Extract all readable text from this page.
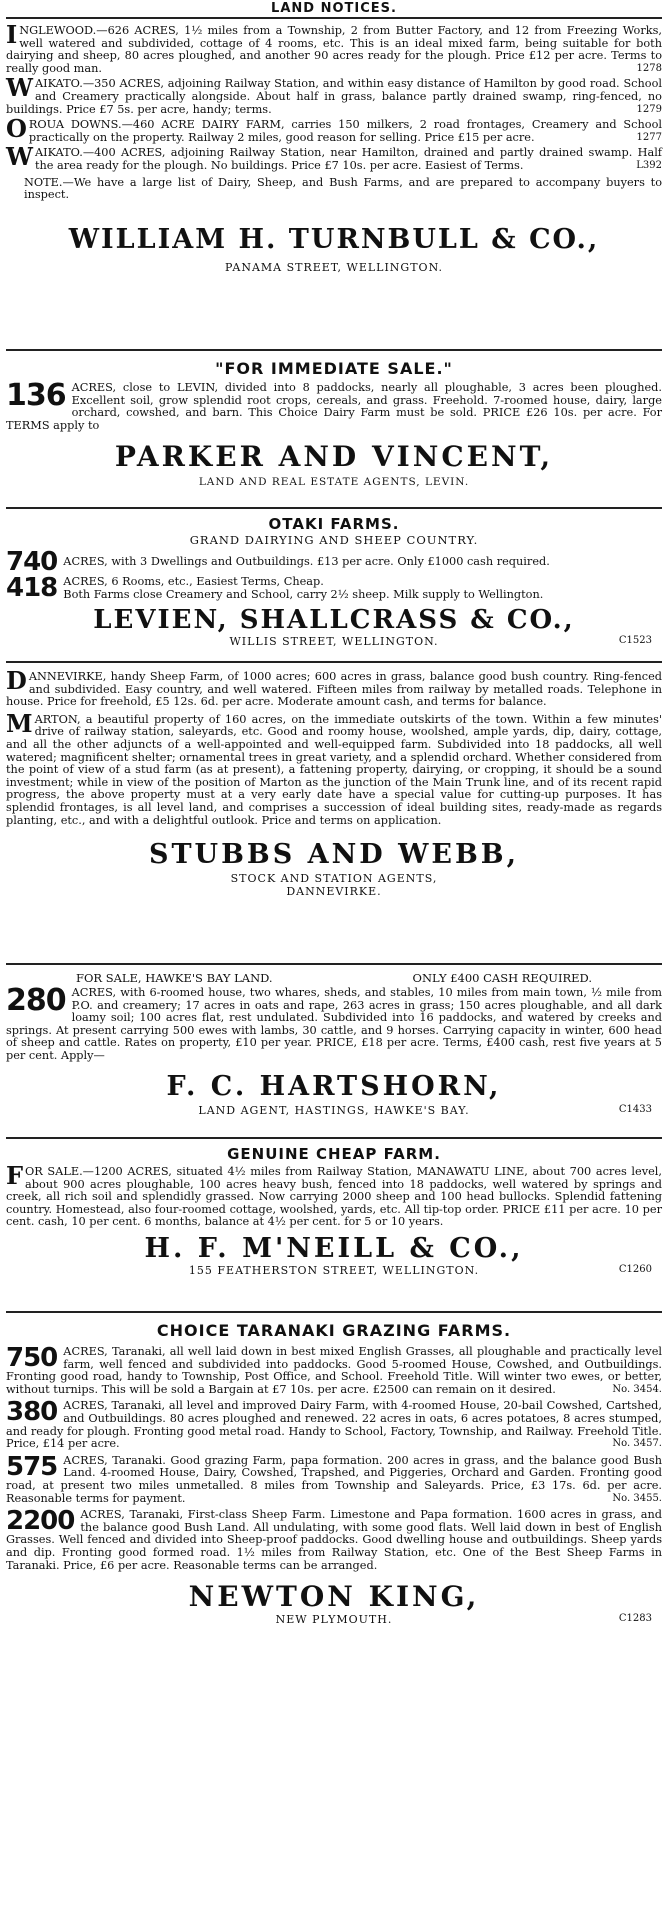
LAND NOTICES.
I NGLEWOOD.—626 ACRES, 1½ miles from a Township, 2 from Butter Factory, and 12 from Freezing Works, well watered and subdivided, cottage of 4 rooms, etc. This is an ideal mixed farm, being suitable for both dairying and sheep, 80 acres ploughed, and another 90 acres ready for the plough. Price £12 per acre. Terms to really good man.	1278

W AIKATO.—350 ACRES, adjoining Railway Station, and within easy distance of Hamilton by good road. School and Creamery practically alongside. About half in grass, balance partly drained swamp, ring-fenced, no buildings. Price £7 5s. per acre, handy; terms.	1279

O ROUA DOWNS.—460 ACRE DAIRY FARM, carries 150 milkers, 2 road frontages, Creamery and School practically on the property. Railway 2 miles, good reason for selling. Price £15 per acre.	1277

W AIKATO.—400 ACRES, adjoining Railway Station, near Hamilton, drained and partly drained swamp. Half the area ready for the plough. No buildings. Price £7 10s. per acre. Easiest of Terms.	L392

NOTE.—We have a large list of Dairy, Sheep, and Bush Farms, and are prepared to accompany buyers to inspect.

WILLIAM H. TURNBULL & CO.,
PANAMA STREET, WELLINGTON.
"FOR IMMEDIATE SALE."
136 ACRES, close to LEVIN, divided into 8 paddocks, nearly all ploughable, 3 acres been ploughed. Excellent soil, grow splendid root crops, cereals, and grass. Freehold. 7-roomed house, dairy, large orchard, cowshed, and barn. This Choice Dairy Farm must be sold. PRICE £26 10s. per acre. For TERMS apply to

PARKER AND VINCENT,
LAND AND REAL ESTATE AGENTS, LEVIN.
OTAKI FARMS.
GRAND DAIRYING AND SHEEP COUNTRY.
740 ACRES, with 3 Dwellings and Outbuildings. £13 per acre. Only £1000 cash required.

418 ACRES, 6 Rooms, etc., Easiest Terms, Cheap.

Both Farms close Creamery and School, carry 2½ sheep. Milk supply to Wellington.

LEVIEN, SHALLCRASS & CO.,
WILLIS STREET, WELLINGTON.	C1523
D ANNEVIRKE, handy Sheep Farm, of 1000 acres; 600 acres in grass, balance good bush country. Ring-fenced and subdivided. Easy country, and well watered. Fifteen miles from railway by metalled roads. Telephone in house. Price for freehold, £5 12s. 6d. per acre. Moderate amount cash, and terms for balance.

M ARTON, a beautiful property of 160 acres, on the immediate outskirts of the town. Within a few minutes' drive of railway station, saleyards, etc. Good and roomy house, woolshed, ample yards, dip, dairy, cottage, and all the other adjuncts of a well-appointed and well-equipped farm. Subdivided into 18 paddocks, all well watered; magnificent shelter; ornamental trees in great variety, and a splendid orchard. Whether considered from the point of view of a stud farm (as at present), a fattening property, dairying, or cropping, it should be a sound investment; while in view of the position of Marton as the junction of the Main Trunk line, and of its recent rapid progress, the above property must at a very early date have a special value for cutting-up purposes. It has splendid frontages, is all level land, and comprises a succession of ideal building sites, ready-made as regards planting, etc., and with a delightful outlook. Price and terms on application.

STUBBS AND WEBB,
STOCK AND STATION AGENTS,
DANNEVIRKE.
FOR SALE, HAWKE'S BAY LAND.	ONLY £400 CASH REQUIRED.
280 ACRES, with 6-roomed house, two whares, sheds, and stables, 10 miles from main town, ½ mile from P.O. and creamery; 17 acres in oats and rape, 263 acres in grass; 150 acres ploughable, and all dark loamy soil; 100 acres flat, rest undulated. Subdivided into 16 paddocks, and watered by creeks and springs. At present carrying 500 ewes with lambs, 30 cattle, and 9 horses. Carrying capacity in winter, 600 head of sheep and cattle. Rates on property, £10 per year. PRICE, £18 per acre. Terms, £400 cash, rest five years at 5 per cent. Apply—

F. C. HARTSHORN,
LAND AGENT, HASTINGS, HAWKE'S BAY.	C1433
GENUINE CHEAP FARM.
F OR SALE.—1200 ACRES, situated 4½ miles from Railway Station, MANAWATU LINE, about 700 acres level, about 900 acres ploughable, 100 acres heavy bush, fenced into 18 paddocks, well watered by springs and creek, all rich soil and splendidly grassed. Now carrying 2000 sheep and 100 head bullocks. Splendid fattening country. Homestead, also four-roomed cottage, woolshed, yards, etc. All tip-top order. PRICE £11 per acre. 10 per cent. cash, 10 per cent. 6 months, balance at 4½ per cent. for 5 or 10 years.

H. F. M'NEILL & CO.,
155 FEATHERSTON STREET, WELLINGTON.	C1260
CHOICE TARANAKI GRAZING FARMS.
750 ACRES, Taranaki, all well laid down in best mixed English Grasses, all ploughable and practically level farm, well fenced and subdivided into paddocks. Good 5-roomed House, Cowshed, and Outbuildings. Fronting good road, handy to Township, Post Office, and School. Freehold Title. Will winter two ewes, or better, without turnips. This will be sold a Bargain at £7 10s. per acre. £2500 can remain on it desired.	No. 3454.

380 ACRES, Taranaki, all level and improved Dairy Farm, with 4-roomed House, 20-bail Cowshed, Cartshed, and Outbuildings. 80 acres ploughed and renewed. 22 acres in oats, 6 acres potatoes, 8 acres stumped, and ready for plough. Fronting good metal road. Handy to School, Factory, Township, and Railway. Freehold Title. Price, £14 per acre.	No. 3457.

575 ACRES, Taranaki. Good grazing Farm, papa formation. 200 acres in grass, and the balance good Bush Land. 4-roomed House, Dairy, Cowshed, Trapshed, and Piggeries, Orchard and Garden. Fronting good road, at present two miles unmetalled. 8 miles from Township and Saleyards. Price, £3 17s. 6d. per acre. Reasonable terms for payment.	No. 3455.

2200 ACRES, Taranaki, First-class Sheep Farm. Limestone and Papa formation. 1600 acres in grass, and the balance good Bush Land. All undulating, with some good flats. Well laid down in best of English Grasses. Well fenced and divided into Sheep-proof paddocks. Good dwelling house and outbuildings. Sheep yards and dip. Fronting good formed road. 1½ miles from Railway Station, etc. One of the Best Sheep Farms in Taranaki. Price, £6 per acre. Reasonable terms can be arranged.

NEWTON KING,
NEW PLYMOUTH.	C1283
